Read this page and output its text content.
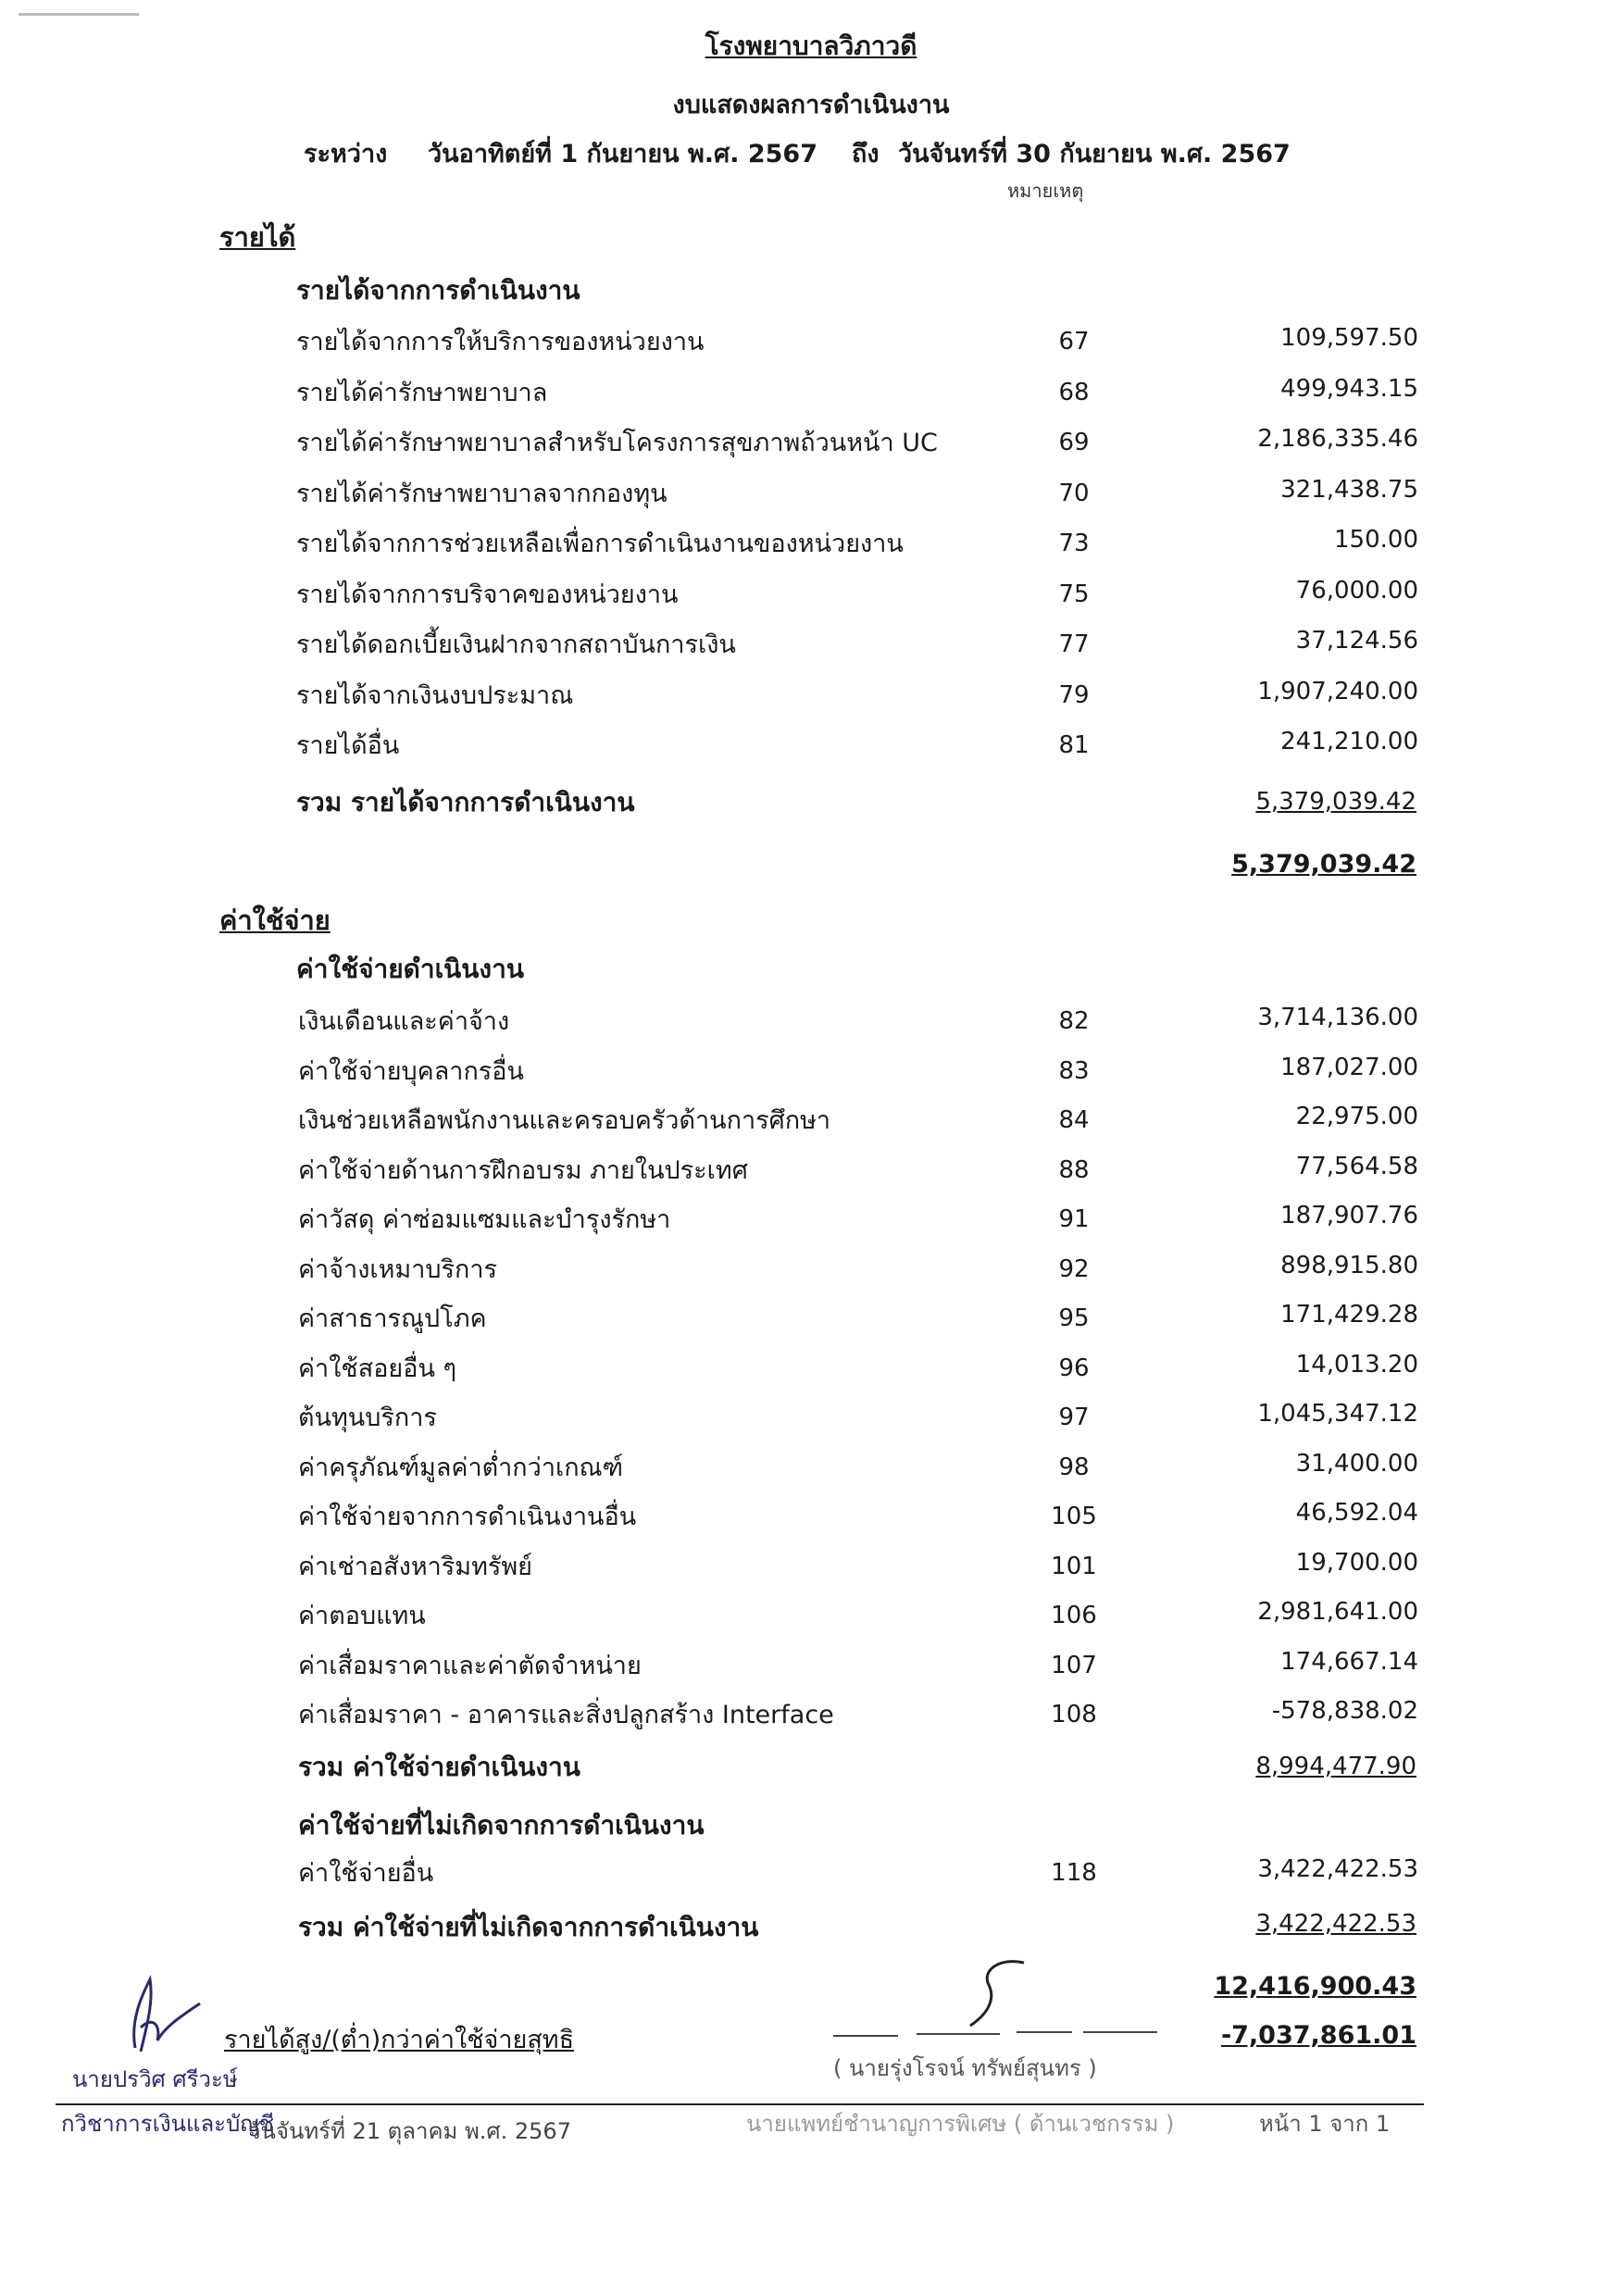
โรงพยาบาลวิภาวดี
งบแสดงผลการดำเนินงาน
ระหว่าง วันอาทิตย์ที่ 1 กันยายน พ.ศ. 2567 ถึง วันจันทร์ที่ 30 กันยายน พ.ศ. 2567
หมายเหตุ
รายได้
รายได้จากการดำเนินงาน
รายได้จากการให้บริการของหน่วยงาน	67	109,597.50
รายได้ค่ารักษาพยาบาล	68	499,943.15
รายได้ค่ารักษาพยาบาลสำหรับโครงการสุขภาพถ้วนหน้า UC	69	2,186,335.46
รายได้ค่ารักษาพยาบาลจากกองทุน	70	321,438.75
รายได้จากการช่วยเหลือเพื่อการดำเนินงานของหน่วยงาน	73	150.00
รายได้จากการบริจาคของหน่วยงาน	75	76,000.00
รายได้ดอกเบี้ยเงินฝากจากสถาบันการเงิน	77	37,124.56
รายได้จากเงินงบประมาณ	79	1,907,240.00
รายได้อื่น	81	241,210.00
รวม รายได้จากการดำเนินงาน	5,379,039.42
5,379,039.42
ค่าใช้จ่าย
ค่าใช้จ่ายดำเนินงาน
เงินเดือนและค่าจ้าง	82	3,714,136.00
ค่าใช้จ่ายบุคลากรอื่น	83	187,027.00
เงินช่วยเหลือพนักงานและครอบครัวด้านการศึกษา	84	22,975.00
ค่าใช้จ่ายด้านการฝึกอบรม ภายในประเทศ	88	77,564.58
ค่าวัสดุ ค่าซ่อมแซมและบำรุงรักษา	91	187,907.76
ค่าจ้างเหมาบริการ	92	898,915.80
ค่าสาธารณูปโภค	95	171,429.28
ค่าใช้สอยอื่น ๆ	96	14,013.20
ต้นทุนบริการ	97	1,045,347.12
ค่าครุภัณฑ์มูลค่าต่ำกว่าเกณฑ์	98	31,400.00
ค่าใช้จ่ายจากการดำเนินงานอื่น	105	46,592.04
ค่าเช่าอสังหาริมทรัพย์	101	19,700.00
ค่าตอบแทน	106	2,981,641.00
ค่าเสื่อมราคาและค่าตัดจำหน่าย	107	174,667.14
ค่าเสื่อมราคา - อาคารและสิ่งปลูกสร้าง Interface	108	-578,838.02
รวม ค่าใช้จ่ายดำเนินงาน	8,994,477.90
ค่าใช้จ่ายที่ไม่เกิดจากการดำเนินงาน
ค่าใช้จ่ายอื่น	118	3,422,422.53
รวม ค่าใช้จ่ายที่ไม่เกิดจากการดำเนินงาน	3,422,422.53
12,416,900.43
รายได้สูง/(ต่ำ)กว่าค่าใช้จ่ายสุทธิ	-7,037,861.01
นายปรวิศ ศรีวะษ์	( นายรุ่งโรจน์ ทรัพย์สุนทร )
กวิชาการเงินและบัญชี
วันจันทร์ที่ 21 ตุลาคม พ.ศ. 2567	นายแพทย์ชำนาญการพิเศษ ( ด้านเวชกรรม )	หน้า 1 จาก 1
